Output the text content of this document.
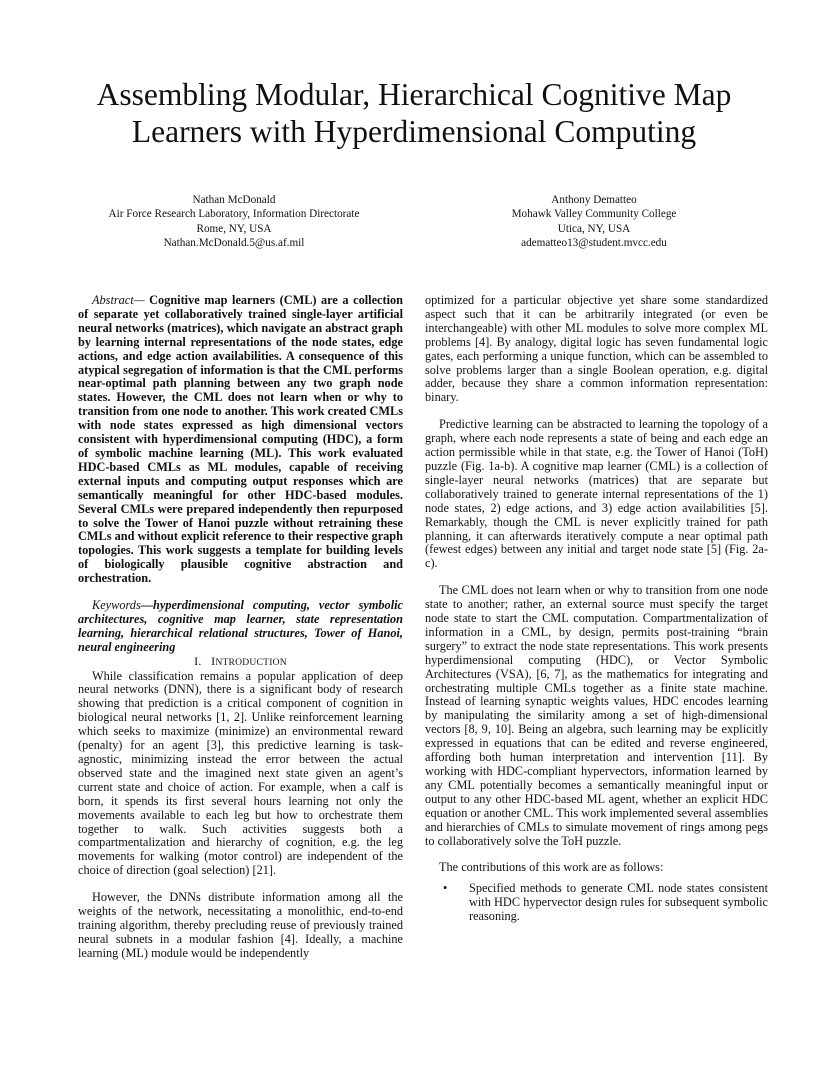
Assembling Modular, Hierarchical Cognitive Map
Learners with Hyperdimensional Computing
Nathan McDonald
Air Force Research Laboratory, Information Directorate
Rome, NY, USA
Nathan.McDonald.5@us.af.mil
Anthony Dematteo
Mohawk Valley Community College
Utica, NY, USA
adematteo13@student.mvcc.edu

Abstract— Cognitive map learners (CML) are a collection of separate yet collaboratively trained single-layer artificial neural networks (matrices), which navigate an abstract graph by learning internal representations of the node states, edge actions, and edge action availabilities. A consequence of this atypical segregation of information is that the CML performs near-optimal path planning between any two graph node states. However, the CML does not learn when or why to transition from one node to another. This work created CMLs with node states expressed as high dimensional vectors consistent with hyperdimensional computing (HDC), a form of symbolic machine learning (ML). This work evaluated HDC-based CMLs as ML modules, capable of receiving external inputs and computing output responses which are semantically meaningful for other HDC-based modules. Several CMLs were prepared independently then repurposed to solve the Tower of Hanoi puzzle without retraining these CMLs and without explicit reference to their respective graph topologies. This work suggests a template for building levels of biologically plausible cognitive abstraction and orchestration.

Keywords—hyperdimensional computing, vector symbolic architectures, cognitive map learner, state representation learning, hierarchical relational structures, Tower of Hanoi, neural engineering

I. INTRODUCTION

While classification remains a popular application of deep neural networks (DNN), there is a significant body of research showing that prediction is a critical component of cognition in biological neural networks [1, 2]. Unlike reinforcement learning which seeks to maximize (minimize) an environmental reward (penalty) for an agent [3], this predictive learning is task-agnostic, minimizing instead the error between the actual observed state and the imagined next state given an agent’s current state and choice of action. For example, when a calf is born, it spends its first several hours learning not only the movements available to each leg but how to orchestrate them together to walk. Such activities suggests both a compartmentalization and hierarchy of cognition, e.g. the leg movements for walking (motor control) are independent of the choice of direction (goal selection) [21].

However, the DNNs distribute information among all the weights of the network, necessitating a monolithic, end-to-end training algorithm, thereby precluding reuse of previously trained neural subnets in a modular fashion [4]. Ideally, a machine learning (ML) module would be independently

optimized for a particular objective yet share some standardized aspect such that it can be arbitrarily integrated (or even be interchangeable) with other ML modules to solve more complex ML problems [4]. By analogy, digital logic has seven fundamental logic gates, each performing a unique function, which can be assembled to solve problems larger than a single Boolean operation, e.g. digital adder, because they share a common information representation: binary.

Predictive learning can be abstracted to learning the topology of a graph, where each node represents a state of being and each edge an action permissible while in that state, e.g. the Tower of Hanoi (ToH) puzzle (Fig. 1a-b). A cognitive map learner (CML) is a collection of single-layer neural networks (matrices) that are separate but collaboratively trained to generate internal representations of the 1) node states, 2) edge actions, and 3) edge action availabilities [5]. Remarkably, though the CML is never explicitly trained for path planning, it can afterwards iteratively compute a near optimal path (fewest edges) between any initial and target node state [5] (Fig. 2a-c).

The CML does not learn when or why to transition from one node state to another; rather, an external source must specify the target node state to start the CML computation. Compartmentalization of information in a CML, by design, permits post-training “brain surgery” to extract the node state representations. This work presents hyperdimensional computing (HDC), or Vector Symbolic Architectures (VSA), [6, 7], as the mathematics for integrating and orchestrating multiple CMLs together as a finite state machine. Instead of learning synaptic weights values, HDC encodes learning by manipulating the similarity among a set of high-dimensional vectors [8, 9, 10]. Being an algebra, such learning may be explicitly expressed in equations that can be edited and reverse engineered, affording both human interpretation and intervention [11]. By working with HDC-compliant hypervectors, information learned by any CML potentially becomes a semantically meaningful input or output to any other HDC-based ML agent, whether an explicit HDC equation or another CML. This work implemented several assemblies and hierarchies of CMLs to simulate movement of rings among pegs to collaboratively solve the ToH puzzle.

The contributions of this work are as follows:

• Specified methods to generate CML node states consistent with HDC hypervector design rules for subsequent symbolic reasoning.
